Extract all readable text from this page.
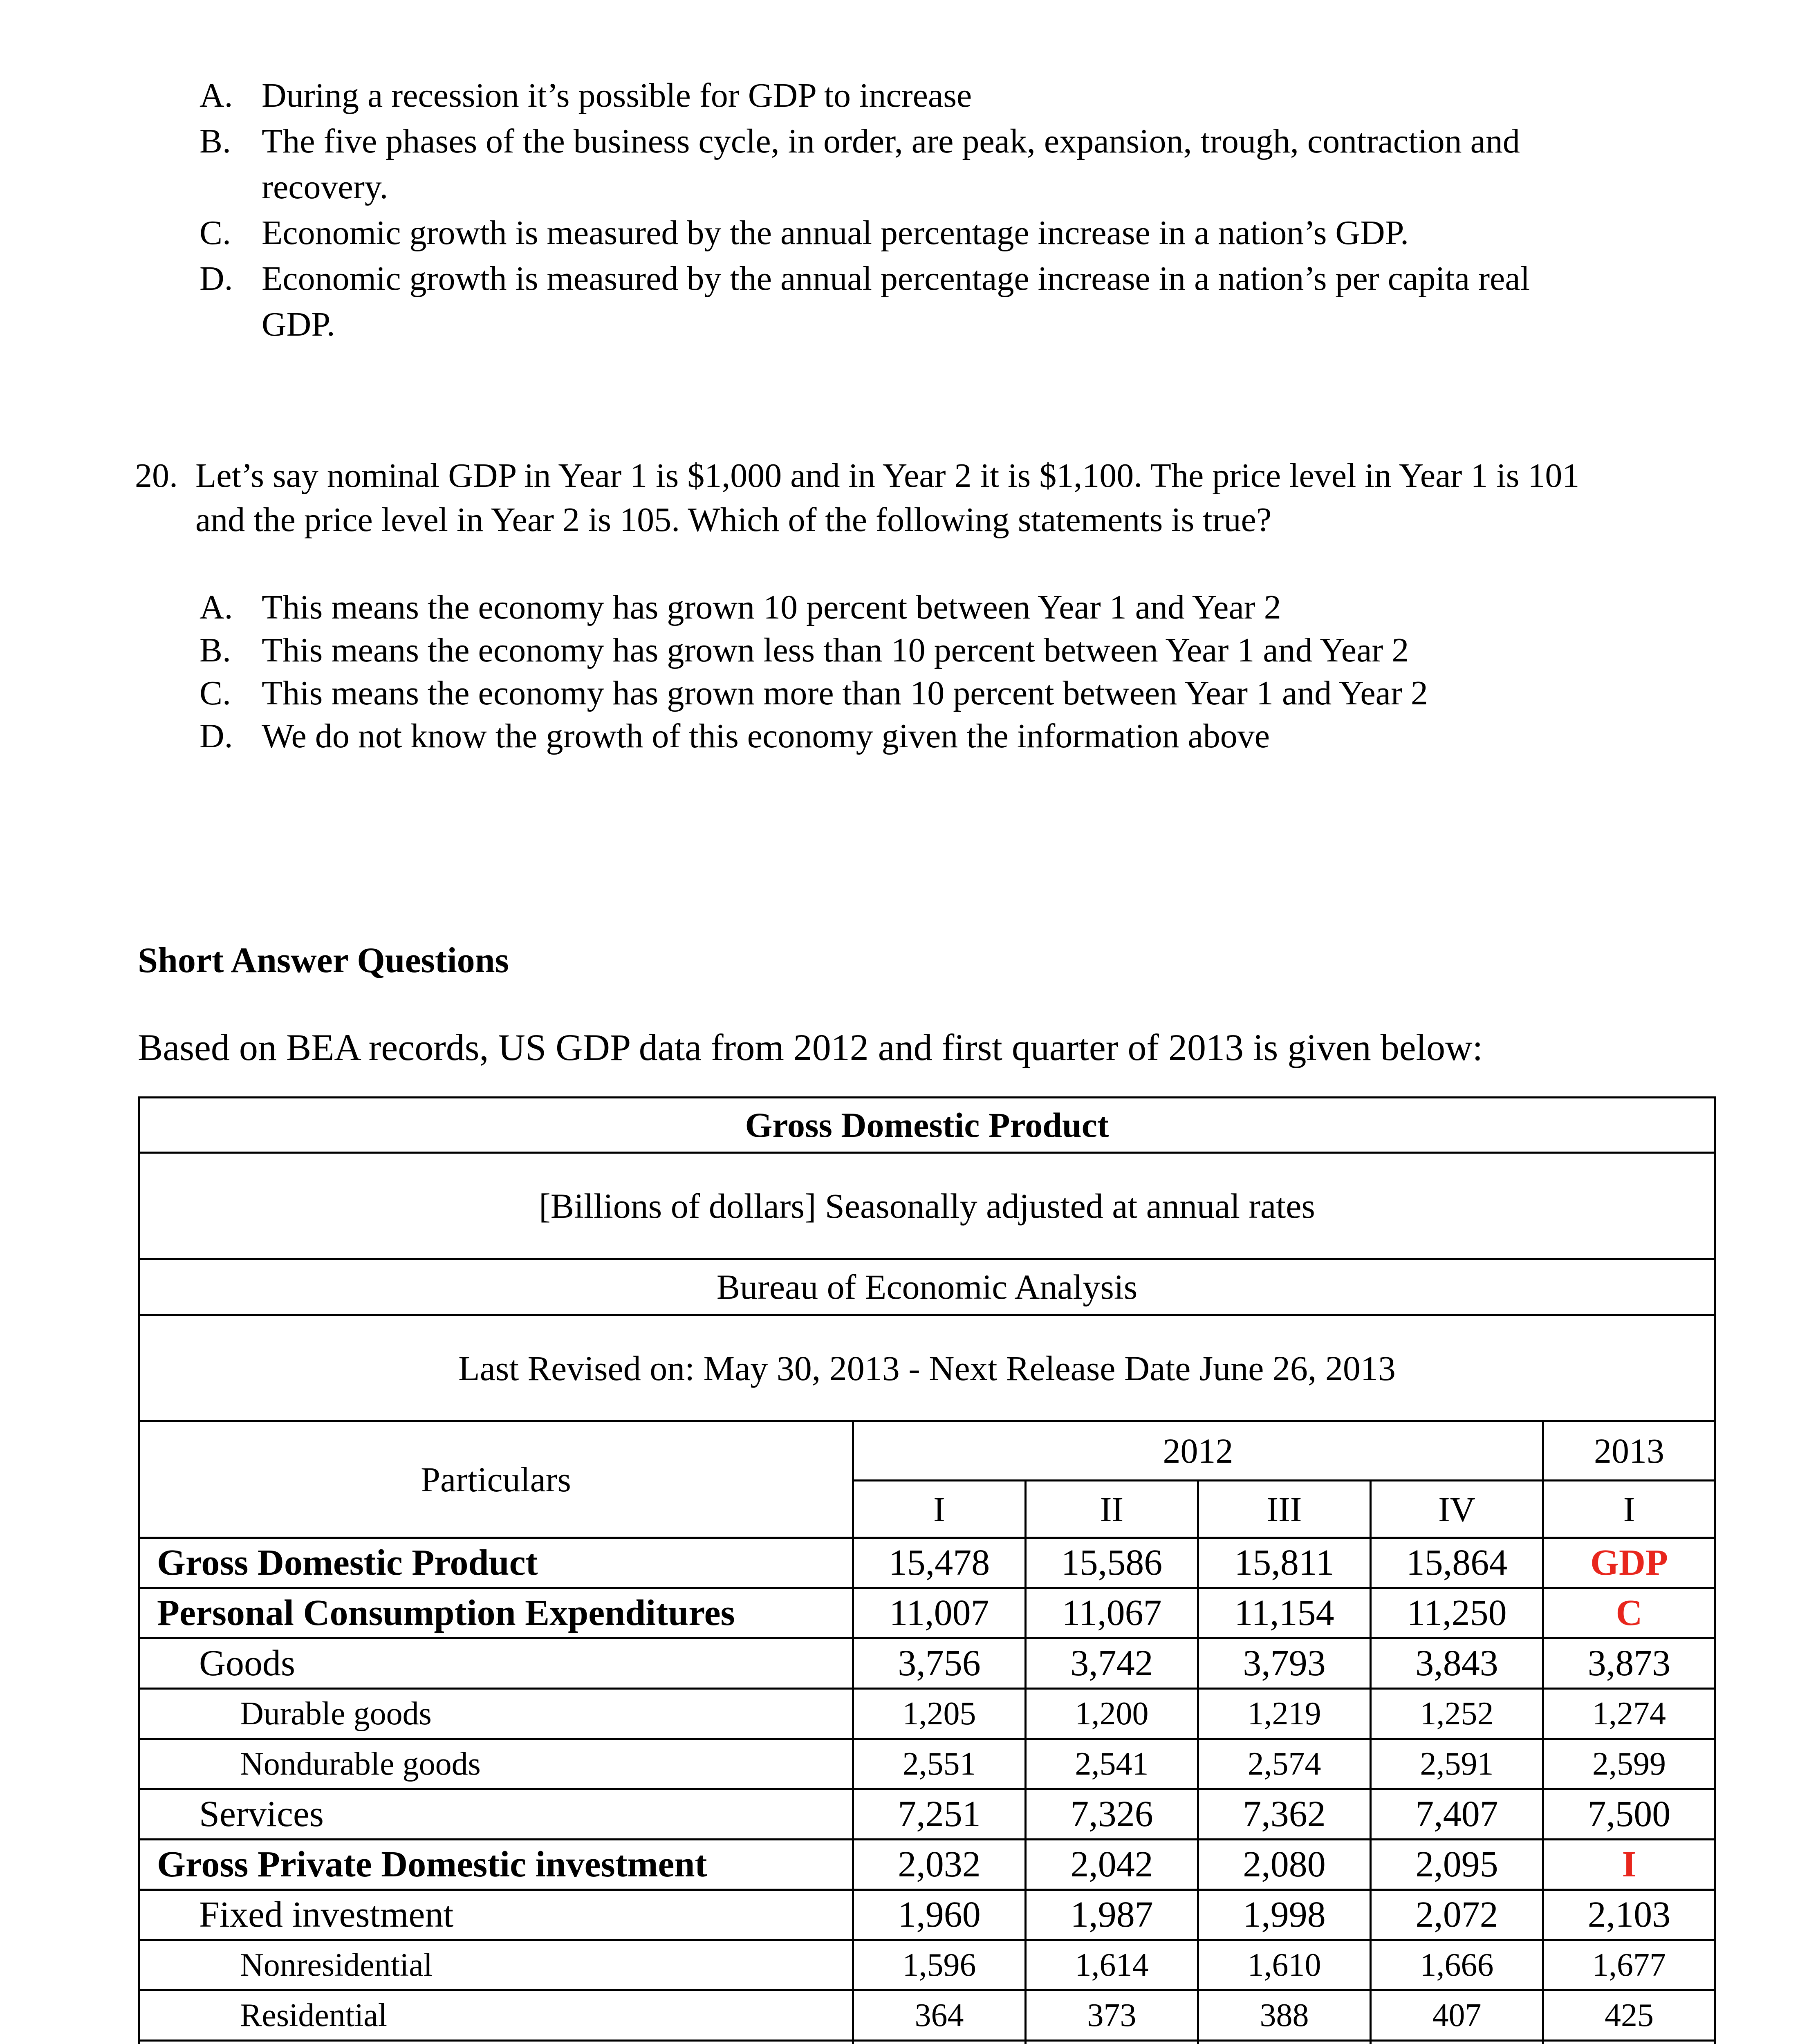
A. During a recession it’s possible for GDP to increase
B. The five phases of the business cycle, in order, are peak, expansion, trough, contraction and
recovery.
C. Economic growth is measured by the annual percentage increase in a nation’s GDP.
D. Economic growth is measured by the annual percentage increase in a nation’s per capita real
GDP.
20. Let’s say nominal GDP in Year 1 is $1,000 and in Year 2 it is $1,100. The price level in Year 1 is 101
and the price level in Year 2 is 105. Which of the following statements is true?
A. This means the economy has grown 10 percent between Year 1 and Year 2
B. This means the economy has grown less than 10 percent between Year 1 and Year 2
C. This means the economy has grown more than 10 percent between Year 1 and Year 2
D. We do not know the growth of this economy given the information above
Short Answer Questions
Based on BEA records, US GDP data from 2012 and first quarter of 2013 is given below:
Gross Domestic Product					
[Billions of dollars] Seasonally adjusted at annual rates					
Bureau of Economic Analysis					
Last Revised on: May 30, 2013 - Next Release Date June 26, 2013					
Particulars	2012				2013
	I	II	III	IV	I
Gross Domestic Product	15,478	15,586	15,811	15,864	GDP
Personal Consumption Expenditures	11,007	11,067	11,154	11,250	C
Goods	3,756	3,742	3,793	3,843	3,873
Durable goods	1,205	1,200	1,219	1,252	1,274
Nondurable goods	2,551	2,541	2,574	2,591	2,599
Services	7,251	7,326	7,362	7,407	7,500
Gross Private Domestic investment	2,032	2,042	2,080	2,095	I
Fixed investment	1,960	1,987	1,998	2,072	2,103
Nonresidential	1,596	1,614	1,610	1,666	1,677
Residential	364	373	388	407	425
